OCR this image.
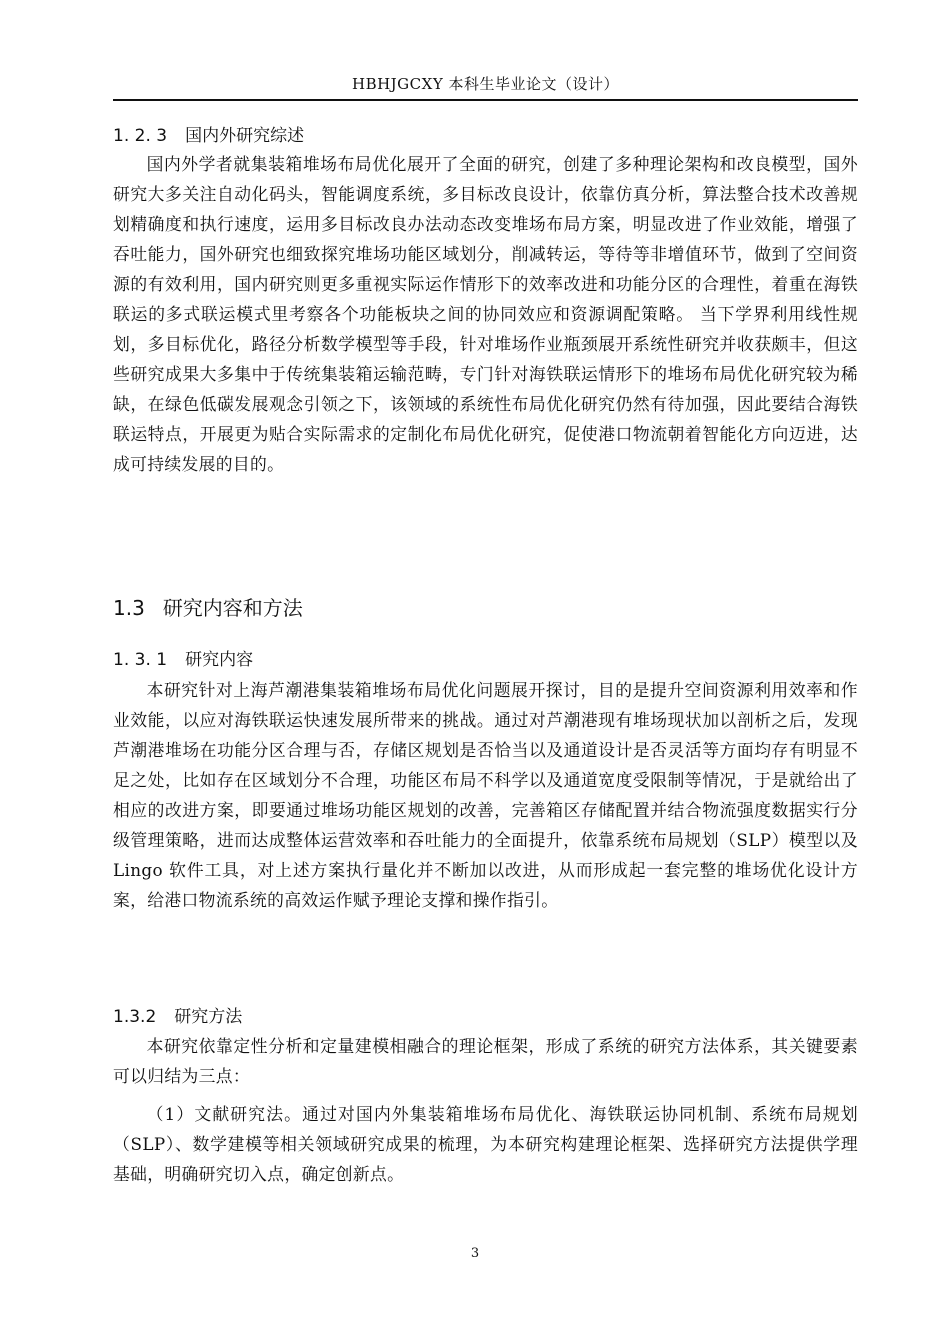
HBHJGCXY 本科生毕业论文（设计）
1. 2. 3 国内外研究综述

国内外学者就集装箱堆场布局优化展开了全面的研究，创建了多种理论架构和改良模型，国外研究大多关注自动化码头，智能调度系统，多目标改良设计，依靠仿真分析，算法整合技术改善规划精确度和执行速度，运用多目标改良办法动态改变堆场布局方案，明显改进了作业效能，增强了吞吐能力，国外研究也细致探究堆场功能区域划分，削减转运，等待等非增值环节，做到了空间资源的有效利用，国内研究则更多重视实际运作情形下的效率改进和功能分区的合理性，着重在海铁联运的多式联运模式里考察各个功能板块之间的协同效应和资源调配策略。 当下学界利用线性规划，多目标优化，路径分析数学模型等手段，针对堆场作业瓶颈展开系统性研究并收获颇丰，但这些研究成果大多集中于传统集装箱运输范畴，专门针对海铁联运情形下的堆场布局优化研究较为稀缺，在绿色低碳发展观念引领之下，该领域的系统性布局优化研究仍然有待加强，因此要结合海铁联运特点，开展更为贴合实际需求的定制化布局优化研究，促使港口物流朝着智能化方向迈进，达成可持续发展的目的。

1.3 研究内容和方法
1. 3. 1 研究内容

本研究针对上海芦潮港集装箱堆场布局优化问题展开探讨，目的是提升空间资源利用效率和作业效能，以应对海铁联运快速发展所带来的挑战。通过对芦潮港现有堆场现状加以剖析之后，发现芦潮港堆场在功能分区合理与否，存储区规划是否恰当以及通道设计是否灵活等方面均存有明显不足之处，比如存在区域划分不合理，功能区布局不科学以及通道宽度受限制等情况，于是就给出了相应的改进方案，即要通过堆场功能区规划的改善，完善箱区存储配置并结合物流强度数据实行分级管理策略，进而达成整体运营效率和吞吐能力的全面提升，依靠系统布局规划（SLP）模型以及 Lingo 软件工具，对上述方案执行量化并不断加以改进，从而形成起一套完整的堆场优化设计方案，给港口物流系统的高效运作赋予理论支撑和操作指引。

1.3.2 研究方法

本研究依靠定性分析和定量建模相融合的理论框架，形成了系统的研究方法体系，其关键要素可以归结为三点：

（1）文献研究法。通过对国内外集装箱堆场布局优化、海铁联运协同机制、系统布局规划（SLP）、数学建模等相关领域研究成果的梳理，为本研究构建理论框架、选择研究方法提供学理基础，明确研究切入点，确定创新点。

3
